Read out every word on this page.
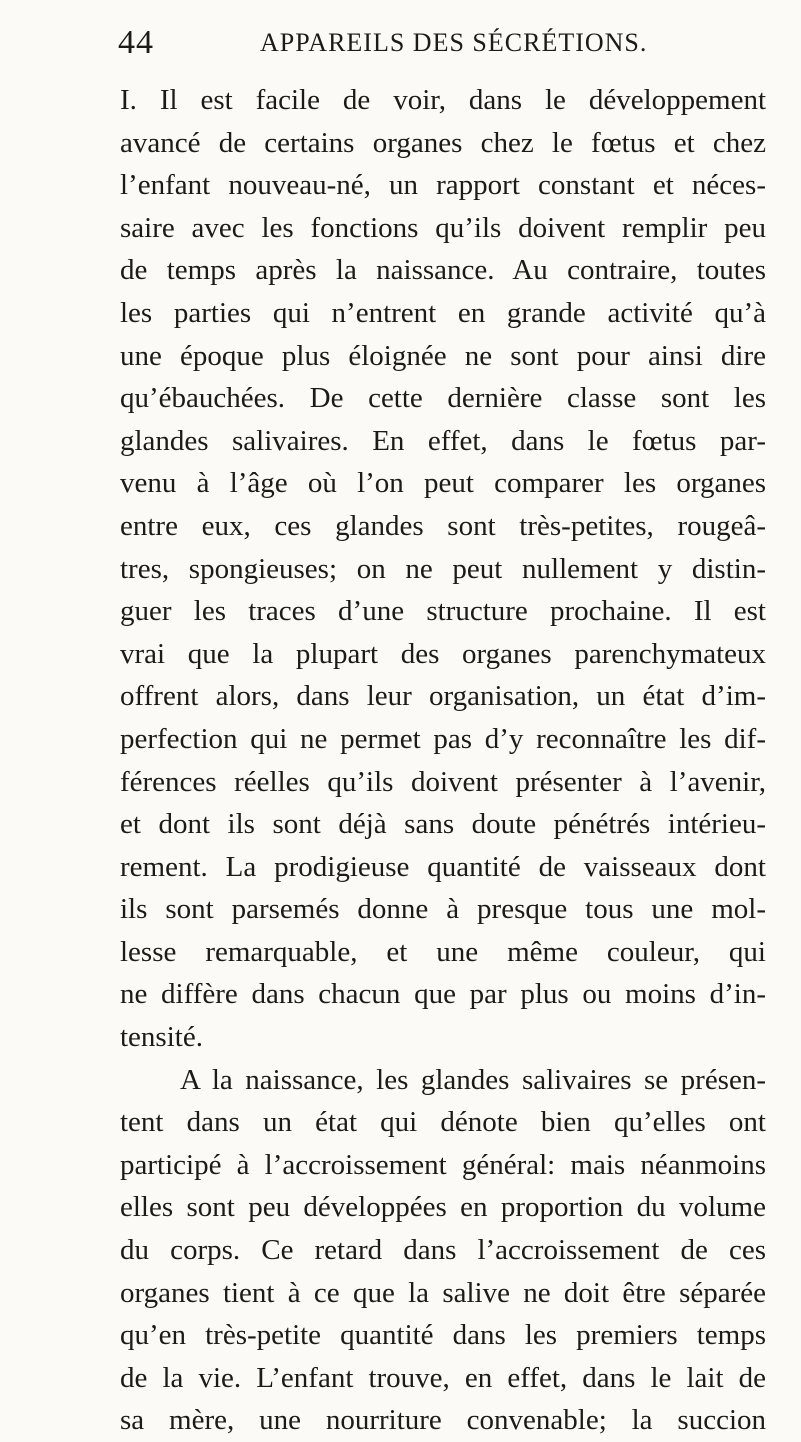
44	APPAREILS DES SÉCRÉTIONS.
I. Il est facile de voir, dans le développement
avancé de certains organes chez le fœtus et chez
l’enfant nouveau-né, un rapport constant et néces-
saire avec les fonctions qu’ils doivent remplir peu
de temps après la naissance. Au contraire, toutes
les parties qui n’entrent en grande activité qu’à
une époque plus éloignée ne sont pour ainsi dire
qu’ébauchées. De cette dernière classe sont les
glandes salivaires. En effet, dans le fœtus par-
venu à l’âge où l’on peut comparer les organes
entre eux, ces glandes sont très-petites, rougeâ-
tres, spongieuses; on ne peut nullement y distin-
guer les traces d’une structure prochaine. Il est
vrai que la plupart des organes parenchymateux
offrent alors, dans leur organisation, un état d’im-
perfection qui ne permet pas d’y reconnaître les dif-
férences réelles qu’ils doivent présenter à l’avenir,
et dont ils sont déjà sans doute pénétrés intérieu-
rement. La prodigieuse quantité de vaisseaux dont
ils sont parsemés donne à presque tous une mol-
lesse remarquable, et une même couleur, qui
ne diffère dans chacun que par plus ou moins d’in-
tensité.
A la naissance, les glandes salivaires se présen-
tent dans un état qui dénote bien qu’elles ont
participé à l’accroissement général: mais néanmoins
elles sont peu développées en proportion du volume
du corps. Ce retard dans l’accroissement de ces
organes tient à ce que la salive ne doit être séparée
qu’en très-petite quantité dans les premiers temps
de la vie. L’enfant trouve, en effet, dans le lait de
sa mère, une nourriture convenable; la succion
